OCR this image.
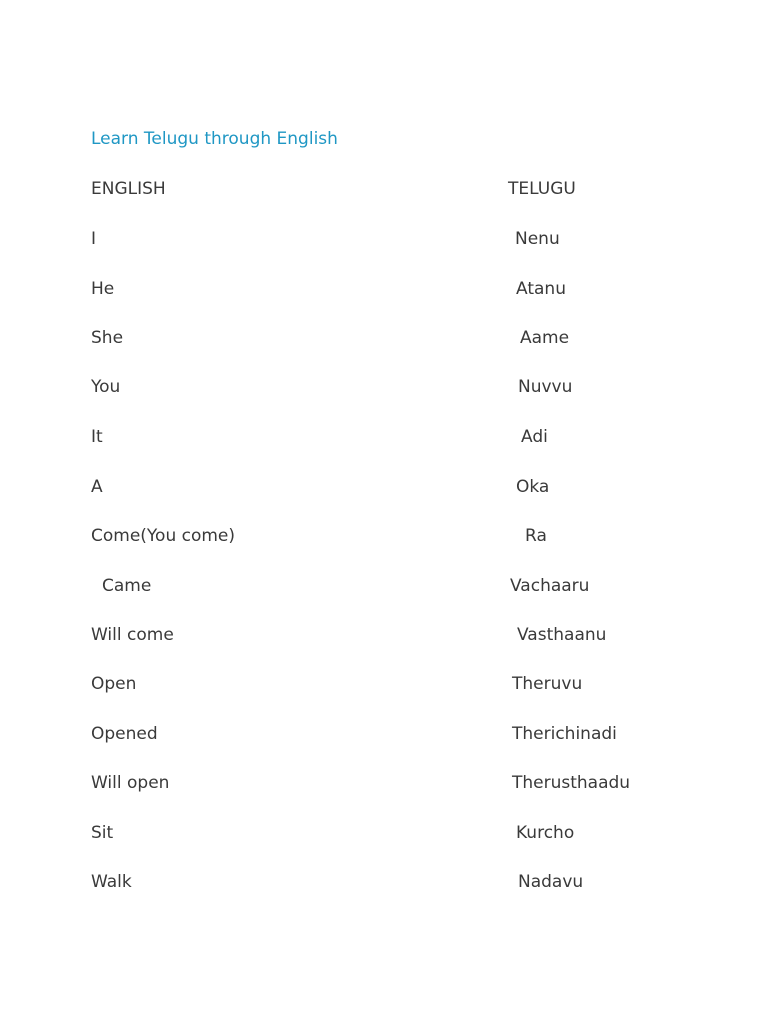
Learn Telugu through English
ENGLISH	TELUGU
I	Nenu
He	Atanu
She	Aame
You	Nuvvu
It	Adi
A	Oka
Come(You come)	Ra
Came	Vachaaru
Will come	Vasthaanu
Open	Theruvu
Opened	Therichinadi
Will open	Therusthaadu
Sit	Kurcho
Walk	Nadavu
